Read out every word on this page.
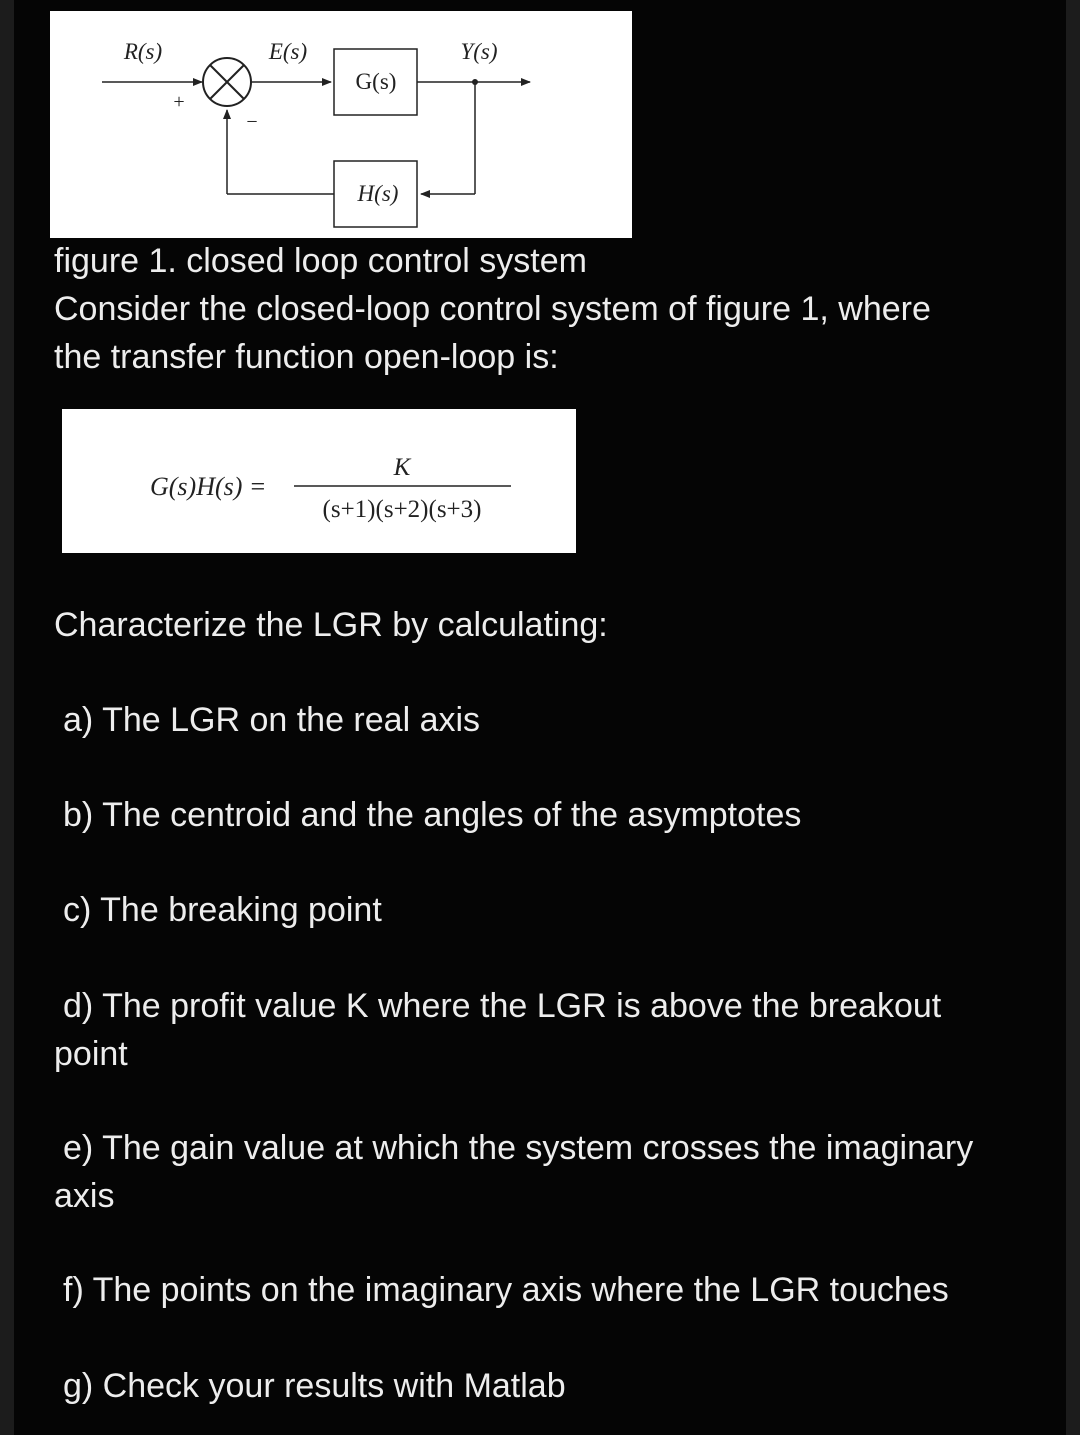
R(s)	E(s)	Y(s)
G(s)
H(s)
+
−
figure 1. closed loop control system
Consider the closed-loop control system of figure 1, where
the transfer function open-loop is:
G(s)H(s) =
K
(s+1)(s+2)(s+3)
Characterize the LGR by calculating:
a) The LGR on the real axis
b) The centroid and the angles of the asymptotes
c) The breaking point
d) The profit value K where the LGR is above the breakout
point
e) The gain value at which the system crosses the imaginary
axis
f) The points on the imaginary axis where the LGR touches
g) Check your results with Matlab
